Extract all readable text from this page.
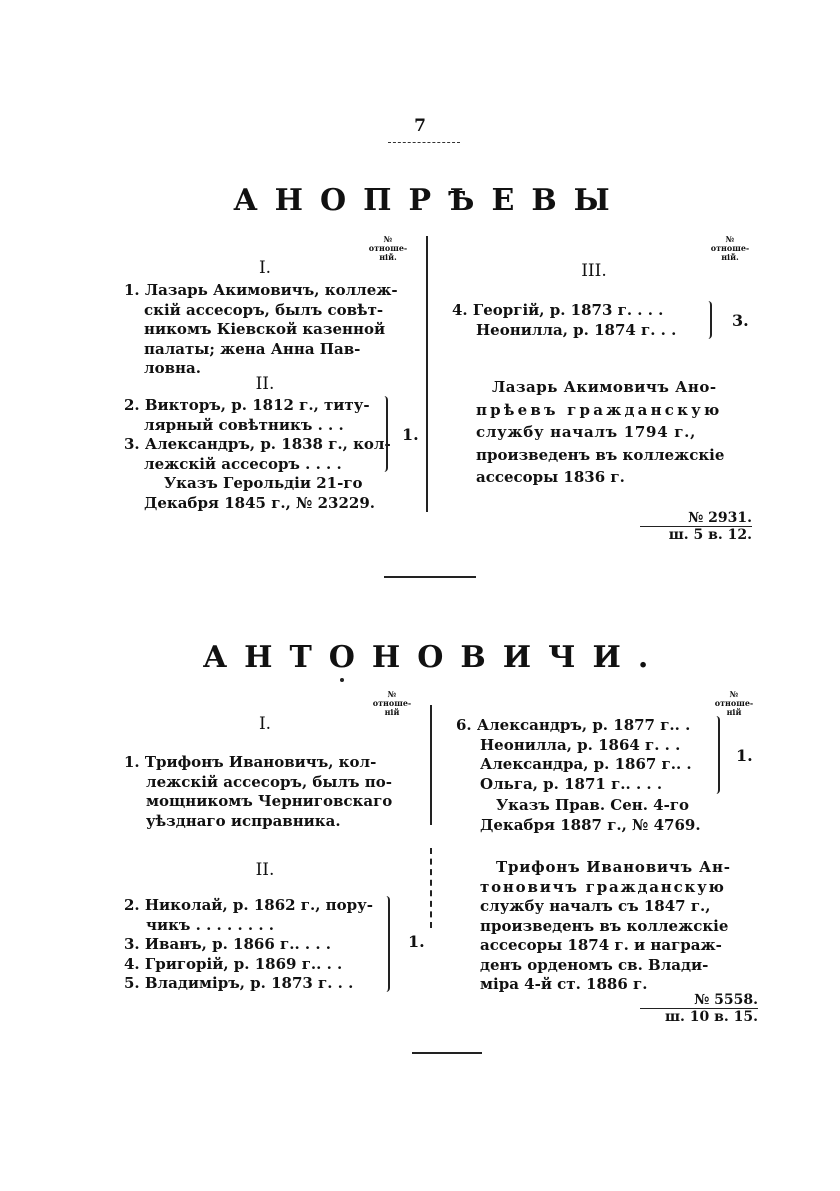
7
АНОПРѢЕВЫ
№ отноше-
ній.
№ отноше-
ній.
I.
1. Лазарь Акимовичъ, коллеж-
скій ассесоръ, былъ совѣт-
никомъ Кіевской казенной
палаты; жена Анна Пав-
ловна.
II.
2. Викторъ, р. 1812 г., титу-
лярный совѣтникъ . . .
3. Александръ, р. 1838 г., кол-
лежскій ассесоръ . . . .
1.
Указъ Герольдіи 21-го
Декабря 1845 г., № 23229.
III.
4. Георгій, р. 1873 г. . . .
Неонилла, р. 1874 г. . .	3.
Лазарь Акимовичъ Ано-
прѣевъ гражданскую
службу началъ 1794 г.,
произведенъ въ коллежскіе
ассесоры 1836 г.
№ 2931.
ш. 5 в. 12.
АНТОНОВИЧИ.
№ отноше-
ній
№ отноше-
ній
I.
1. Трифонъ Ивановичъ, кол-
лежскій ассесоръ, былъ по-
мощникомъ Черниговскаго
уѣзднаго исправника.
II.
2. Николай, р. 1862 г., пору-
чикъ . . . . . . . .
3. Иванъ, р. 1866 г.. . . .
4. Григорій, р. 1869 г.. . .
5. Владиміръ, р. 1873 г. . .
1.
6. Александръ, р. 1877 г.. .
Неонилла, р. 1864 г. . .
Александра, р. 1867 г.. .
Ольга, р. 1871 г.. . . .
1.
Указъ Прав. Сен. 4-го
Декабря 1887 г., № 4769.
Трифонъ Ивановичъ Ан-
тоновичъ гражданскую
службу началъ съ 1847 г.,
произведенъ въ коллежскіе
ассесоры 1874 г. и награж-
денъ орденомъ св. Влади-
міра 4-й ст. 1886 г.
№ 5558.
ш. 10 в. 15.
